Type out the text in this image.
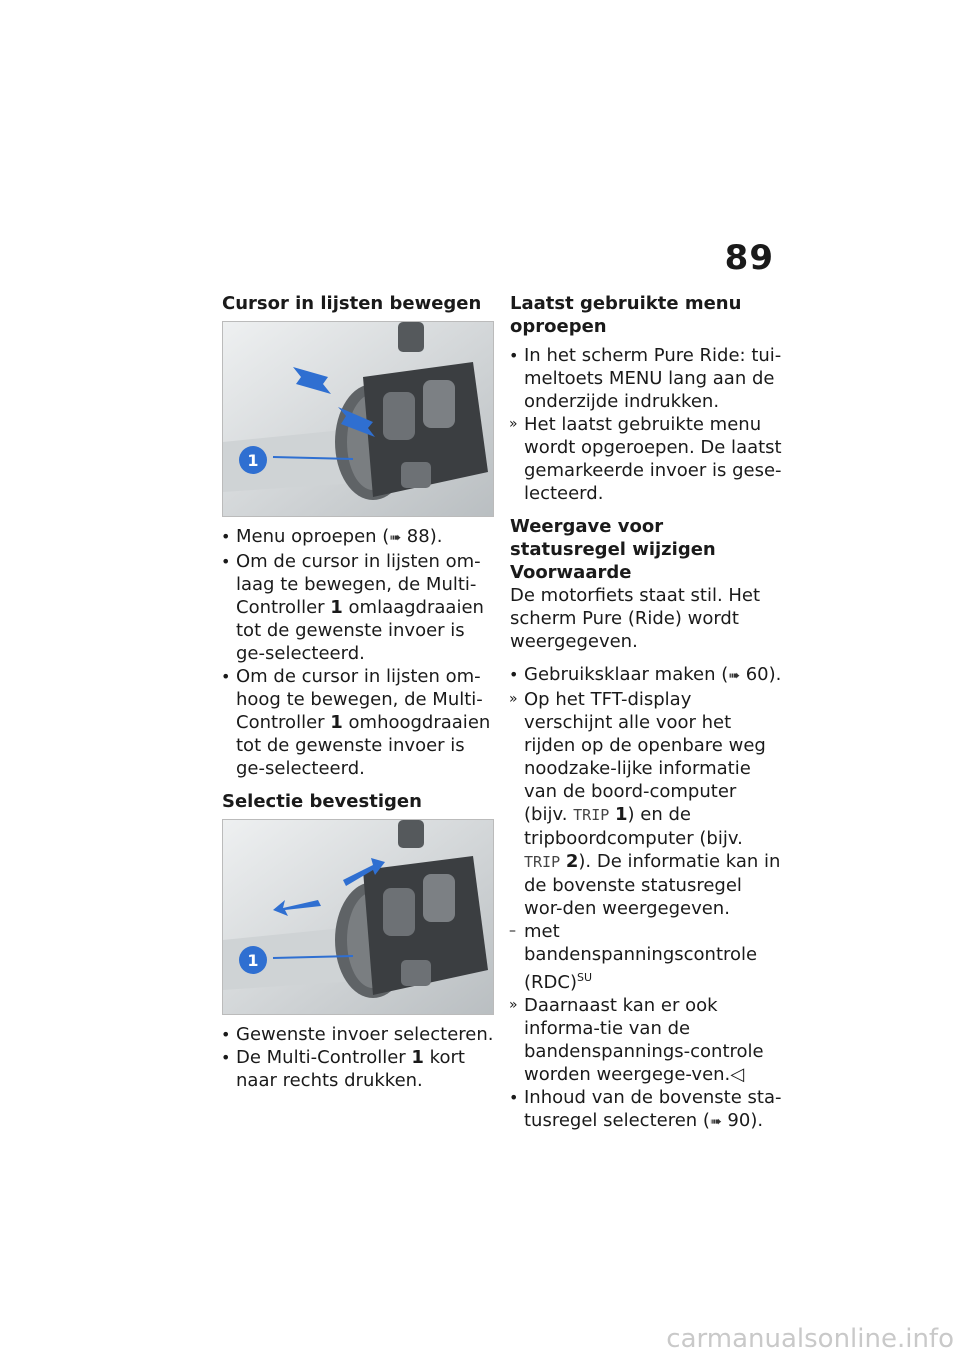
89
Cursor in lijsten bewegen
1
• Menu oproepen (➠ 88).
• Om de cursor in lijsten om-laag te bewegen, de Multi-Controller 1 omlaagdraaien tot de gewenste invoer is ge-selecteerd.
• Om de cursor in lijsten om-hoog te bewegen, de Multi-Controller 1 omhoogdraaien tot de gewenste invoer is ge-selecteerd.
Selectie bevestigen
1
• Gewenste invoer selecteren.
• De Multi-Controller 1 kort naar rechts drukken.
Laatst gebruikte menu oproepen
• In het scherm Pure Ride: tui-meltoets MENU lang aan de onderzijde indrukken.
» Het laatst gebruikte menu wordt opgeroepen. De laatst gemarkeerde invoer is gese-lecteerd.
Weergave voor statusregel wijzigen
Voorwaarde
De motorfiets staat stil. Het scherm Pure (Ride) wordt weergegeven.
• Gebruiksklaar maken (➠ 60).
» Op het TFT-display verschijnt alle voor het rijden op de openbare weg noodzake-lijke informatie van de boord-computer (bijv. TRIP 1) en de tripboordcomputer (bijv. TRIP 2). De informatie kan in de bovenste statusregel wor-den weergegeven.
– met bandenspanningscontrole (RDC)$^{SU}$
» Daarnaast kan er ook informa-tie van de bandenspannings-controle worden weergege-ven.◁
• Inhoud van de bovenste sta-tusregel selecteren (➠ 90).
carmanualsonline.info
